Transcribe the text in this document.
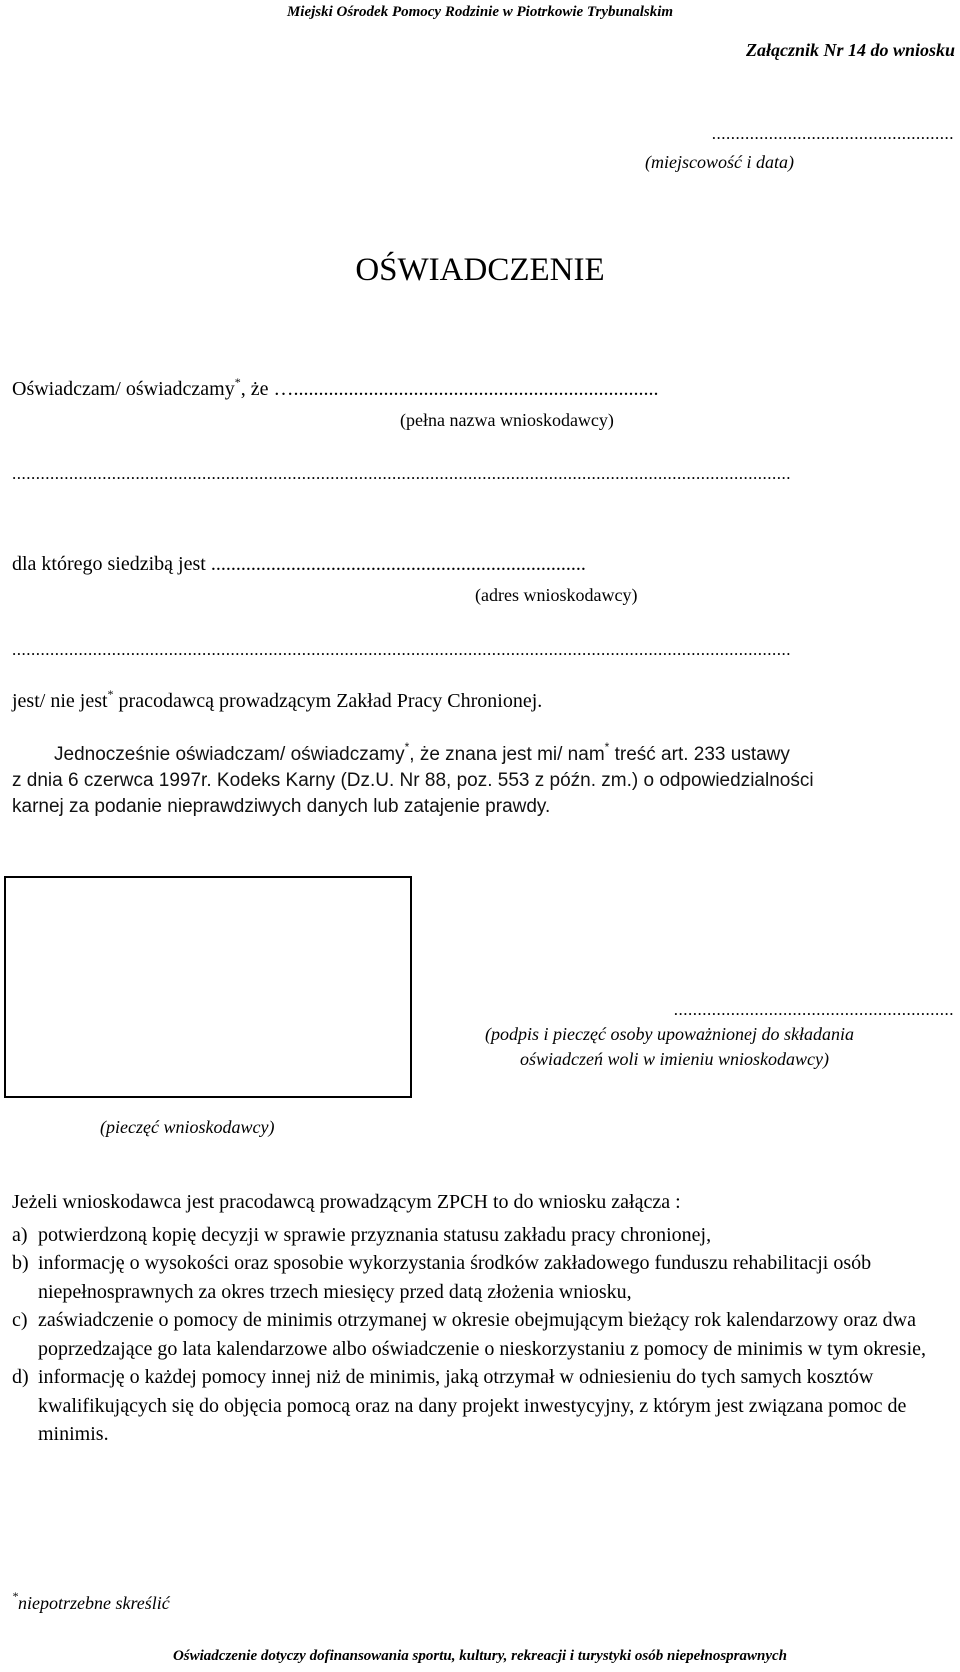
Miejski Ośrodek Pomocy Rodzinie w Piotrkowie Trybunalskim
Załącznik Nr 14 do wniosku
...................................................
(miejscowość i data)
OŚWIADCZENIE
Oświadczam/ oświadczamy*, że ….........................................................................
(pełna nazwa wnioskodawcy)
....................................................................................................................................................................
dla którego siedzibą jest ...........................................................................
(adres wnioskodawcy)
....................................................................................................................................................................
jest/ nie jest* pracodawcą prowadzącym Zakład Pracy Chronionej.
Jednocześnie oświadczam/ oświadczamy*, że znana jest mi/ nam* treść art. 233 ustawy
z dnia 6 czerwca 1997r. Kodeks Karny (Dz.U. Nr 88, poz. 553 z późn. zm.) o odpowiedzialności
karnej za podanie nieprawdziwych danych lub zatajenie prawdy.
(pieczęć wnioskodawcy)
...........................................................
(podpis i pieczęć osoby upoważnionej do składania
oświadczeń woli w imieniu wnioskodawcy)
Jeżeli wnioskodawca jest pracodawcą prowadzącym ZPCH to do wniosku załącza :
a) potwierdzoną kopię decyzji w sprawie przyznania statusu zakładu pracy chronionej,
b) informację o wysokości oraz sposobie wykorzystania środków zakładowego funduszu rehabilitacji osób niepełnosprawnych za okres trzech miesięcy przed datą złożenia wniosku,
c) zaświadczenie o pomocy de minimis otrzymanej w okresie obejmującym bieżący rok kalendarzowy oraz dwa poprzedzające go lata kalendarzowe albo oświadczenie o nieskorzystaniu z pomocy de minimis w tym okresie,
d) informację o każdej pomocy innej niż de minimis, jaką otrzymał w odniesieniu do tych samych kosztów kwalifikujących się do objęcia pomocą oraz na dany projekt inwestycyjny, z którym jest związana pomoc de minimis.
*niepotrzebne skreślić
Oświadczenie dotyczy dofinansowania sportu, kultury, rekreacji i turystyki osób niepełnosprawnych
